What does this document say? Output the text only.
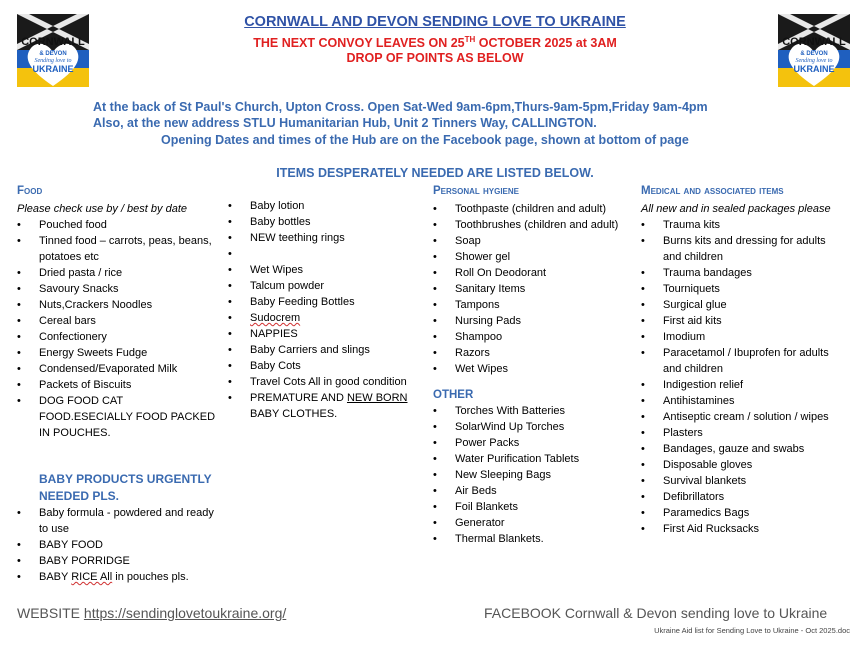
CORNWALL
& DEVON
Sending love to
UKRAINE
CORNWALL
& DEVON
Sending love to
UKRAINE
CORNWALL AND DEVON SENDING LOVE TO UKRAINE
THE NEXT CONVOY LEAVES ON 25TH OCTOBER 2025 at 3AM
DROP OF POINTS AS BELOW
At the back of St Paul's Church, Upton Cross. Open Sat-Wed 9am-6pm,Thurs-9am-5pm,Friday 9am-4pm
Also, at the new address STLU Humanitarian Hub, Unit 2 Tinners Way, CALLINGTON.
Opening Dates and times of the Hub are on the Facebook page, shown at bottom of page
ITEMS DESPERATELY NEEDED ARE LISTED BELOW.
Food
Please check use by / best by date
• Pouched food
• Tinned food – carrots, peas, beans, potatoes etc
• Dried pasta / rice
• Savoury Snacks
• Nuts,Crackers Noodles
• Cereal bars
• Confectionery
• Energy Sweets Fudge
• Condensed/Evaporated Milk
• Packets of Biscuits
• DOG FOOD CAT FOOD.ESECIALLY FOOD PACKED IN POUCHES.
BABY PRODUCTS URGENTLY
NEEDED PLS.
• Baby formula - powdered and ready to use
• BABY FOOD
• BABY PORRIDGE
• BABY RICE All in pouches pls.
• Baby lotion
• Baby bottles
• NEW teething rings
•
• Wet Wipes
• Talcum powder
• Baby Feeding Bottles
• Sudocrem
• NAPPIES
• Baby Carriers and slings
• Baby Cots
• Travel Cots All in good condition
• PREMATURE AND NEW BORN
BABY CLOTHES.
Personal hygiene
• Toothpaste (children and adult)
• Toothbrushes (children and adult)
• Soap
• Shower gel
• Roll On Deodorant
• Sanitary Items
• Tampons
• Nursing Pads
• Shampoo
• Razors
• Wet Wipes
OTHER
• Torches With Batteries
• SolarWind Up Torches
• Power Packs
• Water Purification Tablets
• New Sleeping Bags
• Air Beds
• Foil Blankets
• Generator
• Thermal Blankets.
Medical and associated items
All new and in sealed packages please
• Trauma kits
• Burns kits and dressing for adults and children
• Trauma bandages
• Tourniquets
• Surgical glue
• First aid kits
• Imodium
• Paracetamol / Ibuprofen for adults and children
• Indigestion relief
• Antihistamines
• Antiseptic cream / solution / wipes
• Plasters
• Bandages, gauze and swabs
• Disposable gloves
• Survival blankets
• Defibrillators
• Paramedics Bags
• First Aid Rucksacks
WEBSITE https://sendinglovetoukraine.org/	FACEBOOK Cornwall & Devon sending love to Ukraine
Ukraine Aid list for Sending Love to Ukraine - Oct 2025.doc
